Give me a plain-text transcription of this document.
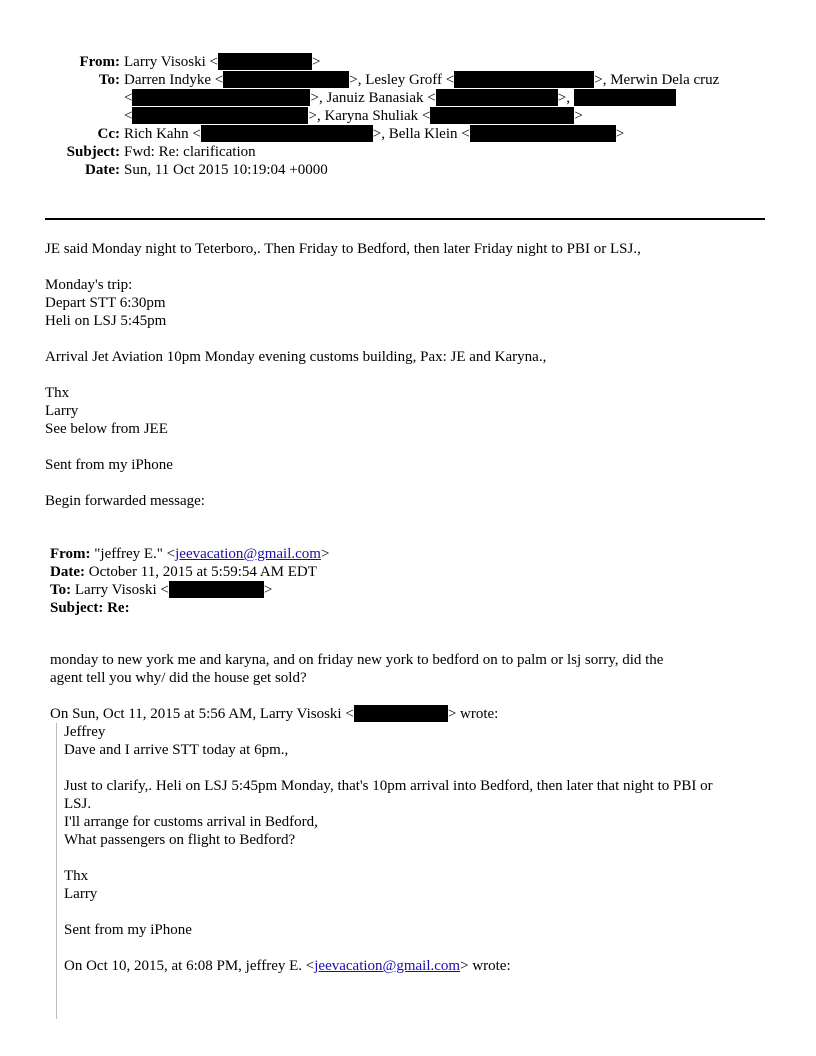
From: Larry Visoski <	>
To: Darren Indyke <	>, Lesley Groff <	>, Merwin Dela cruz
<	>, Januiz Banasiak <	>,
<	>, Karyna Shuliak <	>
Cc: Rich Kahn <	>, Bella Klein <	>
Subject: Fwd: Re: clarification
Date: Sun, 11 Oct 2015 10:19:04 +0000

JE said Monday night to Teterboro,. Then Friday to Bedford, then later Friday night to PBI or LSJ.,

Monday's trip:
Depart STT 6:30pm
Heli on LSJ 5:45pm

Arrival Jet Aviation 10pm Monday evening customs building, Pax: JE and Karyna.,

Thx
Larry
See below from JEE

Sent from my iPhone

Begin forwarded message:

From: "jeffrey E." <jeevacation@gmail.com>
Date: October 11, 2015 at 5:59:54 AM EDT
To: Larry Visoski <	>
Subject: Re:
monday to new york me and karyna, and on friday new york to bedford on to palm or lsj sorry, did the
agent tell you why/ did the house get sold?
On Sun, Oct 11, 2015 at 5:56 AM, Larry Visoski <	> wrote:
Jeffrey
Dave and I arrive STT today at 6pm.,
Just to clarify,. Heli on LSJ 5:45pm Monday, that's 10pm arrival into Bedford, then later that night to PBI or
LSJ.
I'll arrange for customs arrival in Bedford,
What passengers on flight to Bedford?
Thx
Larry
Sent from my iPhone
On Oct 10, 2015, at 6:08 PM, jeffrey E. <jeevacation@gmail.com> wrote:
